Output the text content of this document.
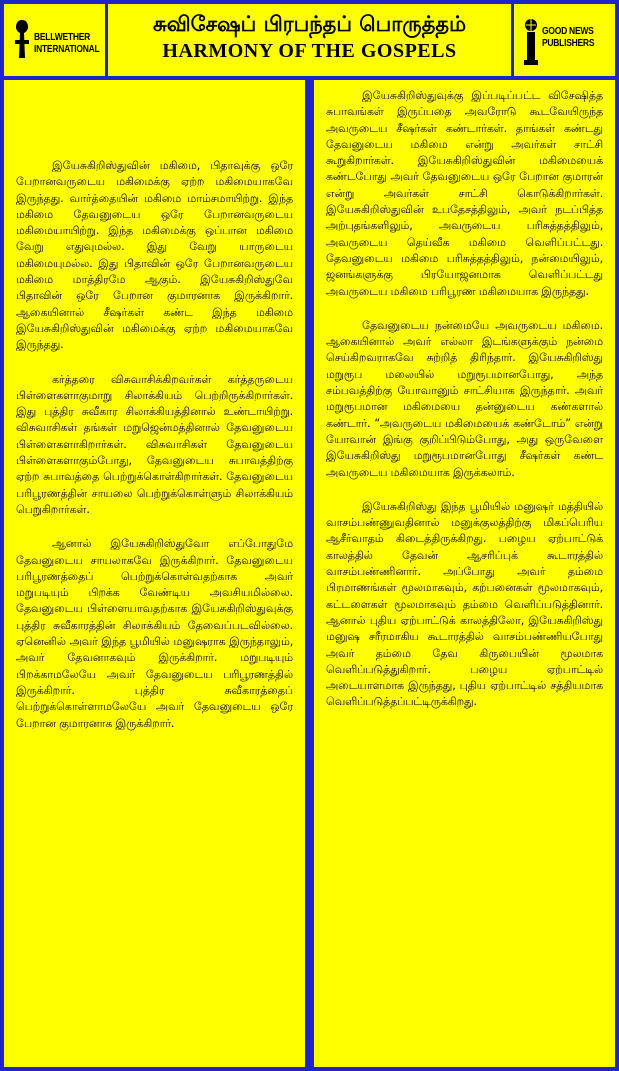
BELLWETHER
INTERNATIONAL
சுவிசேஷப் பிரபந்தப் பொருத்தம்
HARMONY OF THE GOSPELS
GOOD NEWS
PUBLISHERS

இயேசுகிறிஸ்துவின் மகிமை, பிதாவுக்கு ஒரே பேறானவருடைய மகிமைக்கு ஏற்ற மகிமையாகவே இருந்தது. வார்த்தையின் மகிமை மாம்சமாயிற்று. இந்த மகிமை தேவனுடைய ஒரே பேறானவருடைய மகிமையாயிற்று. இந்த மகிமைக்கு ஒப்பான மகிமை வேறு எதுவுமல்ல. இது வேறு யாருடைய மகிமையுமல்ல. இது பிதாவின் ஒரே பேறானவருடைய மகிமை மாத்திரமே ஆகும். இயேசுகிறிஸ்துவே பிதாவின் ஒரே பேறான குமாரனாக இருக்கிறார். ஆகையினால் சீஷர்கள் கண்ட இந்த மகிமை இயேசுகிறிஸ்துவின் மகிமைக்கு ஏற்ற மகிமையாகவே இருந்தது.

கர்த்தரை விசுவாசிக்கிறவர்கள் கர்த்தருடைய பிள்ளைகளாகுமாறு சிலாக்கியம் பெற்றிருக்கிறார்கள். இது புத்திர சுவீகார சிலாக்கியத்தினால் உண்டாயிற்று. விசுவாசிகள் தங்கள் மறுஜென்மத்தினால் தேவனுடைய பிள்ளைகளாகிறார்கள். விசுவாசிகள் தேவனுடைய பிள்ளைகளாகும்போது, தேவனுடைய சுபாவத்திற்கு ஏற்ற சுபாவத்தை பெற்றுக்கொள்கிறார்கள். தேவனுடைய பரிபூரணத்தின் சாயலை பெற்றுக்கொள்ளும் சிலாக்கியம் பெறுகிறார்கள்.

ஆனால் இயேசுகிறிஸ்துவோ எப்போதுமே தேவனுடைய சாயலாகவே இருக்கிறார். தேவனுடைய பரிபூரணத்தைப் பெற்றுக்கொள்வதற்காக அவர் மறுபடியும் பிறக்க வேண்டிய அவசியமில்லை. தேவனுடைய பிள்ளையாவதற்காக இயேசுகிறிஸ்துவுக்கு புத்திர சுவீகாரத்தின் சிலாக்கியம் தேவைப்படவில்லை. ஏனெனில் அவர் இந்த பூமியில் மனுஷராக இருந்தாலும், அவர் தேவனாகவும் இருக்கிறார். மறுபடியும் பிறக்காமலேயே அவர் தேவனுடைய பரிபூரணத்தில் இருக்கிறார். புத்திர சுவீகாரத்தைப் பெற்றுக்கொள்ளாமலேயே அவர் தேவனுடைய ஒரே பேறான குமாரனாக இருக்கிறார்.

இயேசுகிறிஸ்துவுக்கு இப்படிப்பட்ட விசேஷித்த சுபாவங்கள் இருப்பதை அவரோடு கூடவேயிருந்த அவருடைய சீஷர்கள் கண்டார்கள். தாங்கள் கண்டது தேவனுடைய மகிமை என்று அவர்கள் சாட்சி கூறுகிறார்கள். இயேசுகிறிஸ்துவின் மகிமையைக் கண்டபோது அவர் தேவனுடைய ஒரே பேறான குமாரன் என்று அவர்கள் சாட்சி கொடுக்கிறார்கள். இயேசுகிறிஸ்துவின் உபதேசத்திலும், அவர் நடப்பித்த அற்புதங்களிலும், அவருடைய பரிசுத்தத்திலும், அவருடைய தெய்வீக மகிமை வெளிப்பட்டது. தேவனுடைய மகிமை பரிசுத்தத்திலும், நன்மையிலும், ஜனங்களுக்கு பிரயோஜனமாக வெளிப்பட்டது அவருடைய மகிமை பரிபூரண மகிமையாக இருந்தது.

தேவனுடைய நன்மையே அவருடைய மகிமை. ஆகையினால் அவர் எல்லா இடங்களுக்கும் நன்மை செய்கிறவராகவே சுற்றித் திரிந்தார். இயேசுகிறிஸ்து மறுரூப மலையில் மறுரூபமானபோது, அந்த சம்பவத்திற்கு யோவானும் சாட்சியாக இருந்தார். அவர் மறுரூபமான மகிமையை தன்னுடைய கண்களால் கண்டார். “அவருடைய மகிமையைக் கண்டோம்” என்று யோவான் இங்கு குறிப்பிடும்போது, அது ஒருவேளை இயேசுகிறிஸ்து மறுரூபமானபோது சீஷர்கள் கண்ட அவருடைய மகிமையாக இருக்கலாம்.

இயேசுகிறிஸ்து இந்த பூமியில் மனுஷர் மத்தியில் வாசம்பண்ணுவதினால் மனுக்குலத்திற்கு மிகப்பெரிய ஆசீர்வாதம் கிடைத்திருக்கிறது. பழைய ஏற்பாட்டுக் காலத்தில் தேவன் ஆசரிப்புக் கூடாரத்தில் வாசம்பண்ணினார். அப்போது அவர் தம்மை பிரமாணங்கள் மூலமாகவும், கற்பனைகள் மூலமாகவும், கட்டளைகள் மூலமாகவும் தம்மை வெளிப்படுத்தினார். ஆனால் புதிய ஏற்பாட்டுக் காலத்திலோ, இயேசுகிறிஸ்து மனுஷ சரீரமாகிய கூடாரத்தில் வாசம்பண்ணியபோது அவர் தம்மை தேவ கிருபையின் மூலமாக வெளிப்படுத்துகிறார். பழைய ஏற்பாட்டில் அடையாளமாக இருந்தது, புதிய ஏற்பாட்டில் சத்தியமாக வெளிப்படுத்தப்பட்டிருக்கிறது.
